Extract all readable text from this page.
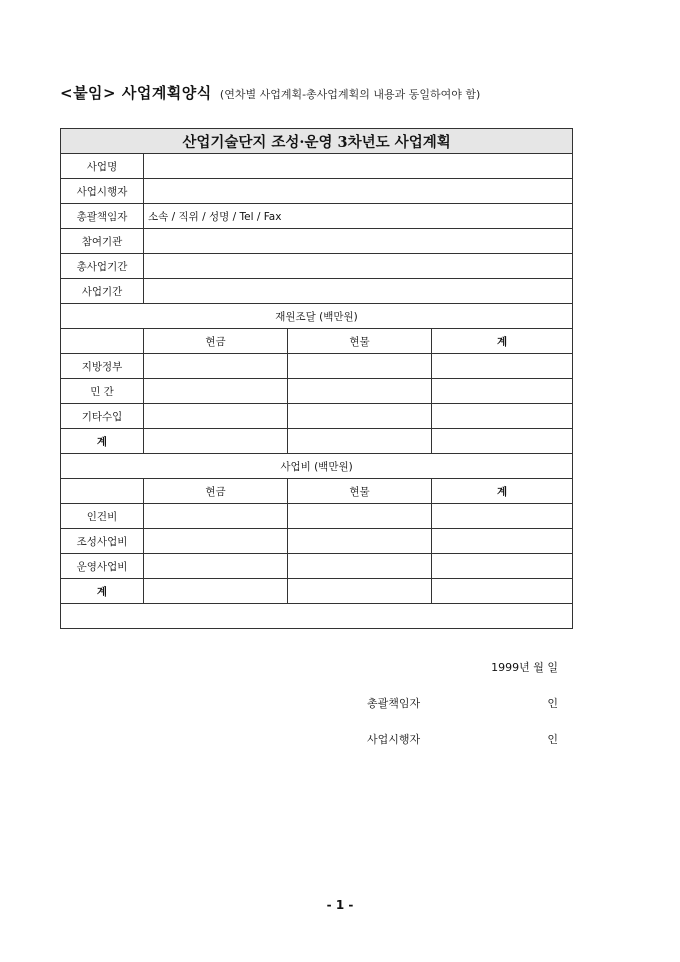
<붙임> 사업계획양식 (연차별 사업계획-총사업계획의 내용과 동일하여야 함)
산업기술단지 조성·운영 3차년도 사업계획			
사업명			
사업시행자			
총괄책임자	소속 / 직위 / 성명 / Tel / Fax		
참여기관			
총사업기간			
사업기간			
재원조달 (백만원)			
	현금	현물	계
지방정부			
민 간			
기타수입			
계			
사업비 (백만원)			
	현금	현물	계
인건비			
조성사업비			
운영사업비			
계			

1999년 월 일
총괄책임자 인
사업시행자 인			
- 1 -
